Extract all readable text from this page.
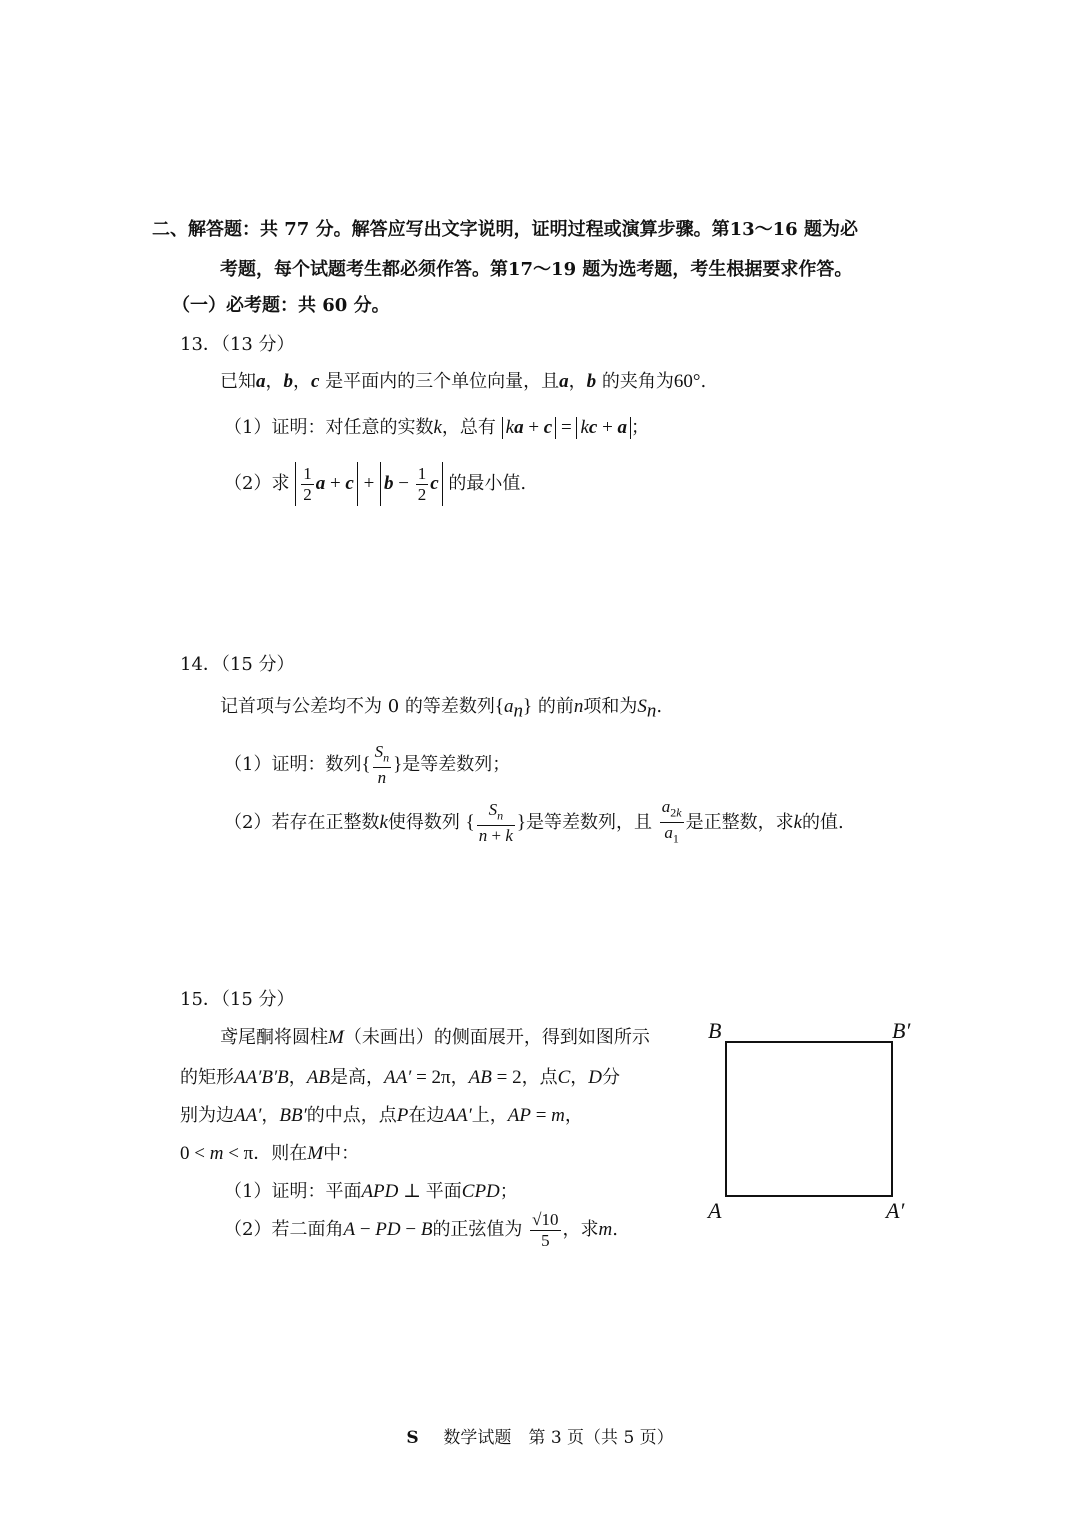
二、解答题：共 77 分。解答应写出文字说明，证明过程或演算步骤。第13～16 题为必
考题，每个试题考生都必须作答。第17～19 题为选考题，考生根据要求作答。
（一）必考题：共 60 分。
13．（13 分）
已知a，b，c 是平面内的三个单位向量，且a，b 的夹角为60°.
（1）证明：对任意的实数k，总有 ka + c = kc + a ；
（2）求 $\frac{1}{2}$ $a + c + b - \frac{1}{2}$ c 的最小值.
14．（15 分）
记首项与公差均不为 0 的等差数列$\{a_n\}$ 的前n项和为$S_n$.
（1）证明：数列{ $\frac{S_n}{n}$ }是等差数列；
（2）若存在正整数k使得数列 { $\frac{S_n}{n + k}$ }是等差数列，且 $\frac{a_{2k}}{a_1}$ 是正整数，求k的值.
15．（15 分）
鸢尾酮将圆柱M（未画出）的侧面展开，得到如图所示
的矩形AA′B′B，AB是高，AA′ = 2π，AB = 2，点C，D分
别为边AA′，BB′的中点，点P在边AA′上，AP = m，
0 < m < π．则在M中：
（1）证明：平面APD ⊥ 平面CPD；
（2）若二面角A − PD − B的正弦值为 $\frac{√10}{5}$ ，求m.
B	B′
A	A′
S 数学试题　第 3 页（共 5 页）
